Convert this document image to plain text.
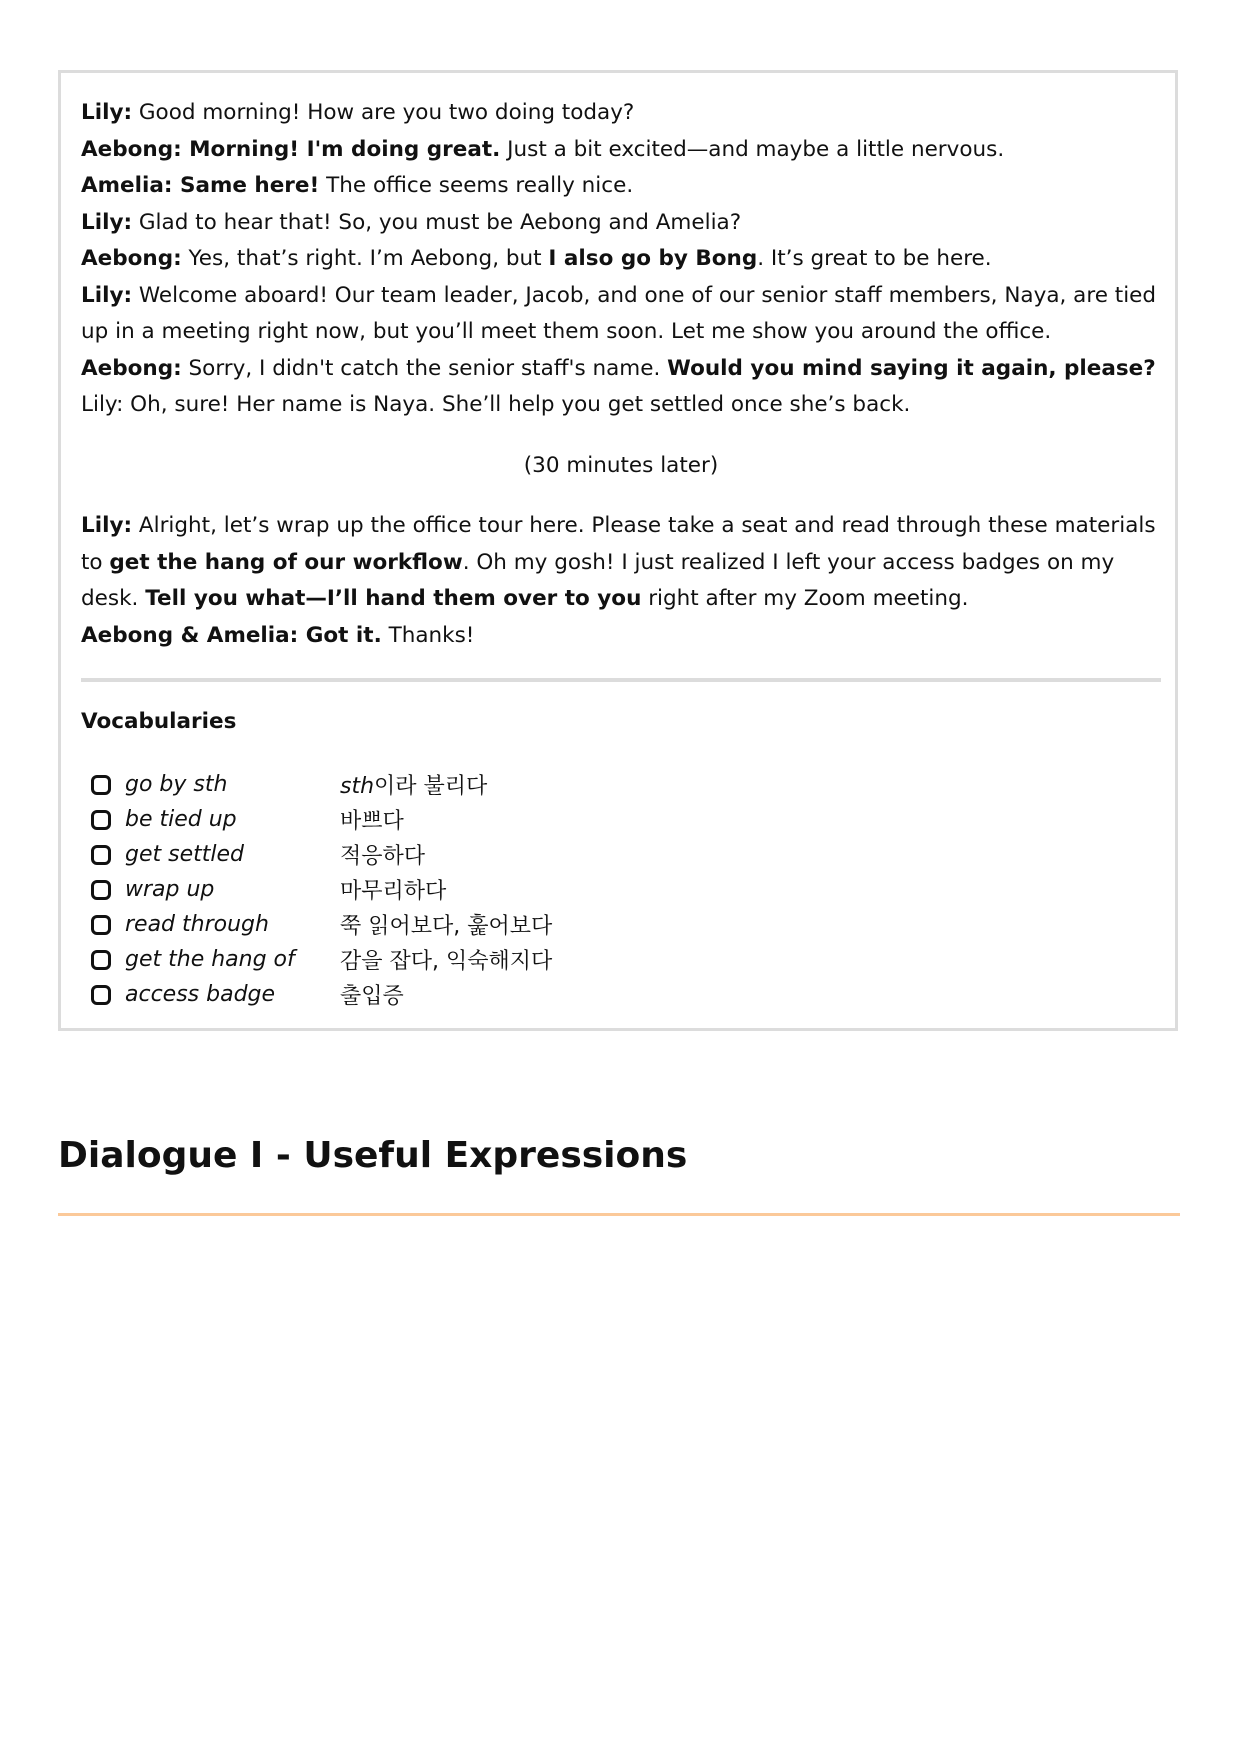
Lily: Good morning! How are you two doing today?
Aebong: Morning! I'm doing great. Just a bit excited—and maybe a little nervous.
Amelia: Same here! The office seems really nice.
Lily: Glad to hear that! So, you must be Aebong and Amelia?
Aebong: Yes, that’s right. I’m Aebong, but I also go by Bong. It’s great to be here.
Lily: Welcome aboard! Our team leader, Jacob, and one of our senior staff members, Naya, are tied up in a meeting right now, but you’ll meet them soon. Let me show you around the office.
Aebong: Sorry, I didn't catch the senior staff's name. Would you mind saying it again, please?
Lily: Oh, sure! Her name is Naya. She’ll help you get settled once she’s back.
(30 minutes later)
Lily: Alright, let’s wrap up the office tour here. Please take a seat and read through these materials to get the hang of our workflow. Oh my gosh! I just realized I left your access badges on my desk. Tell you what—I’ll hand them over to you right after my Zoom meeting.
Aebong & Amelia: Got it. Thanks!
Vocabularies
go by sth	sth이라 불리다
be tied up	바쁘다
get settled	적응하다
wrap up	마무리하다
read through	쭉 읽어보다, 훑어보다
get the hang of	감을 잡다, 익숙해지다
access badge	출입증
Dialogue I - Useful Expressions
